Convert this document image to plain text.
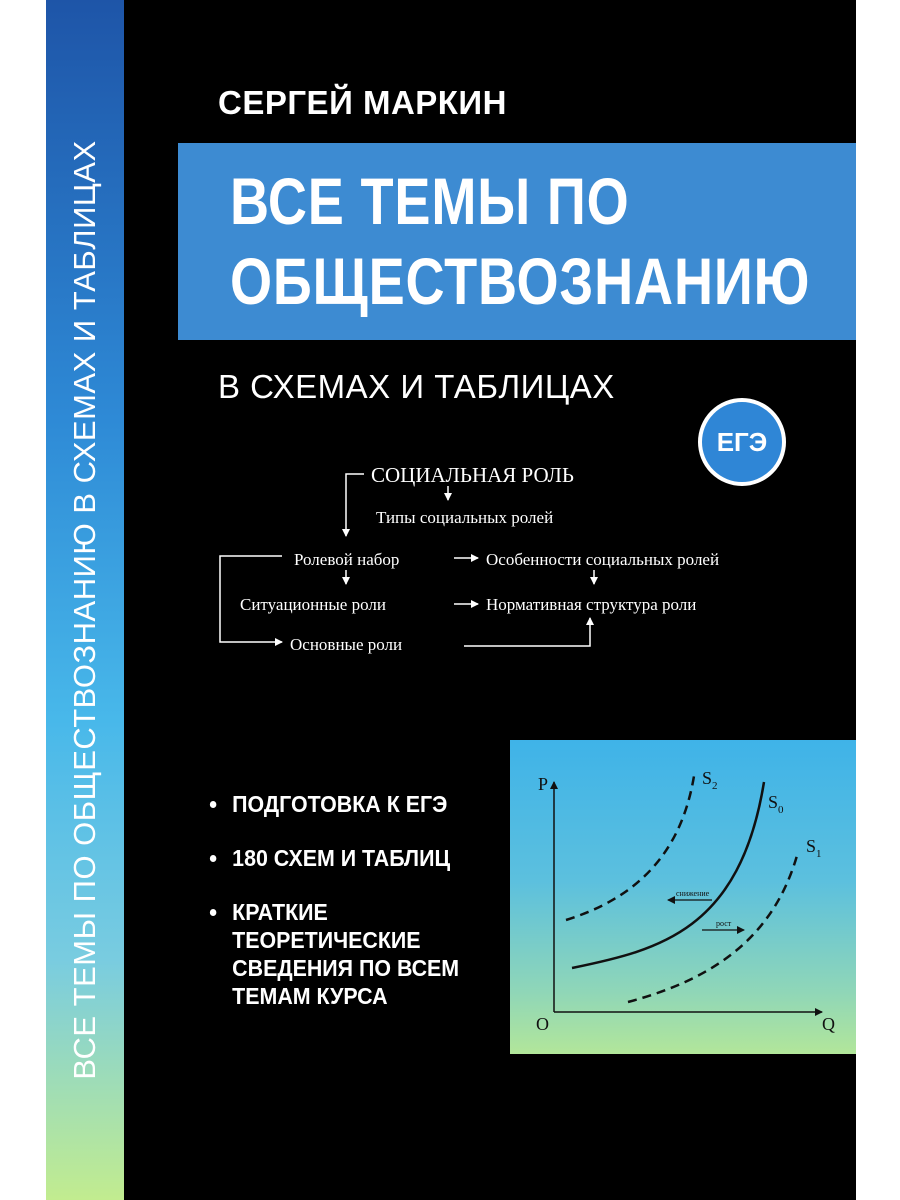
ВСЕ ТЕМЫ ПО ОБЩЕСТВОЗНАНИЮ В СХЕМАХ И ТАБЛИЦАХ
СЕРГЕЙ МАРКИН
ВСЕ ТЕМЫ ПО
ОБЩЕСТВОЗНАНИЮ
В СХЕМАХ И ТАБЛИЦАХ
ЕГЭ
СОЦИАЛЬНАЯ РОЛЬ
Типы социальных ролей
Ролевой набор	Особенности социальных ролей
Ситуационные роли	Нормативная структура роли
Основные роли
ПОДГОТОВКА К ЕГЭ
180 СХЕМ И ТАБЛИЦ
КРАТКИЕ ТЕОРЕТИЧЕСКИЕ СВЕДЕНИЯ ПО ВСЕМ ТЕМАМ КУРСА
P
Q
O
$S_2$
$S_0$
$S_1$
снижение
рост
